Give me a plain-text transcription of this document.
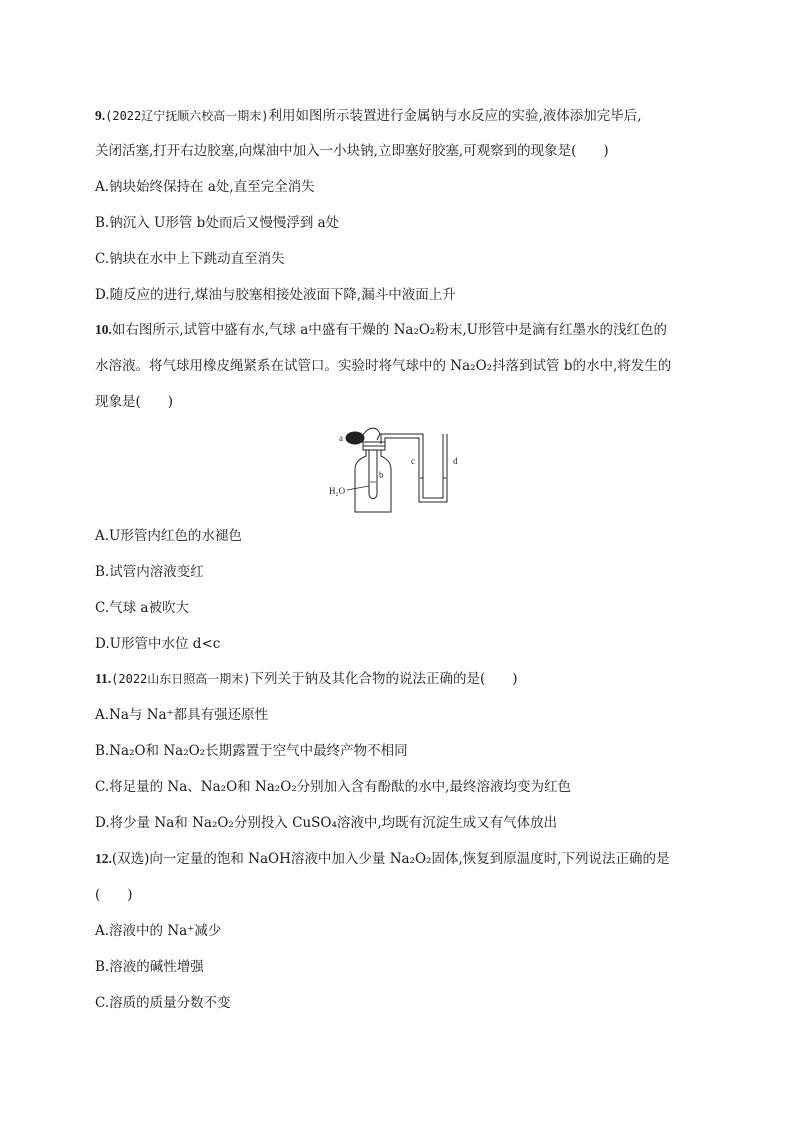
9.(2022辽宁抚顺六校高一期末)利用如图所示装置进行金属钠与水反应的实验,液体添加完毕后,
关闭活塞,打开右边胶塞,向煤油中加入一小块钠,立即塞好胶塞,可观察到的现象是(　　)
A.钠块始终保持在 a处,直至完全消失
B.钠沉入 U形管 b处而后又慢慢浮到 a处
C.钠块在水中上下跳动直至消失
D.随反应的进行,煤油与胶塞相接处液面下降,漏斗中液面上升
10.如右图所示,试管中盛有水,气球 a中盛有干燥的 Na₂O₂粉末,U形管中是滴有红墨水的浅红色的
水溶液。将气球用橡皮绳紧系在试管口。实验时将气球中的 Na₂O₂抖落到试管 b的水中,将发生的
现象是(　　)
a
b
c	d
H₂O
A.U形管内红色的水褪色
B.试管内溶液变红
C.气球 a被吹大
D.U形管中水位 d<c
11.(2022山东日照高一期末)下列关于钠及其化合物的说法正确的是(　　)
A.Na与 Na⁺都具有强还原性
B.Na₂O和 Na₂O₂长期露置于空气中最终产物不相同
C.将足量的 Na、Na₂O和 Na₂O₂分别加入含有酚酞的水中,最终溶液均变为红色
D.将少量 Na和 Na₂O₂分别投入 CuSO₄溶液中,均既有沉淀生成又有气体放出
12.(双选)向一定量的饱和 NaOH溶液中加入少量 Na₂O₂固体,恢复到原温度时,下列说法正确的是
(　　)
A.溶液中的 Na⁺减少
B.溶液的碱性增强
C.溶质的质量分数不变
